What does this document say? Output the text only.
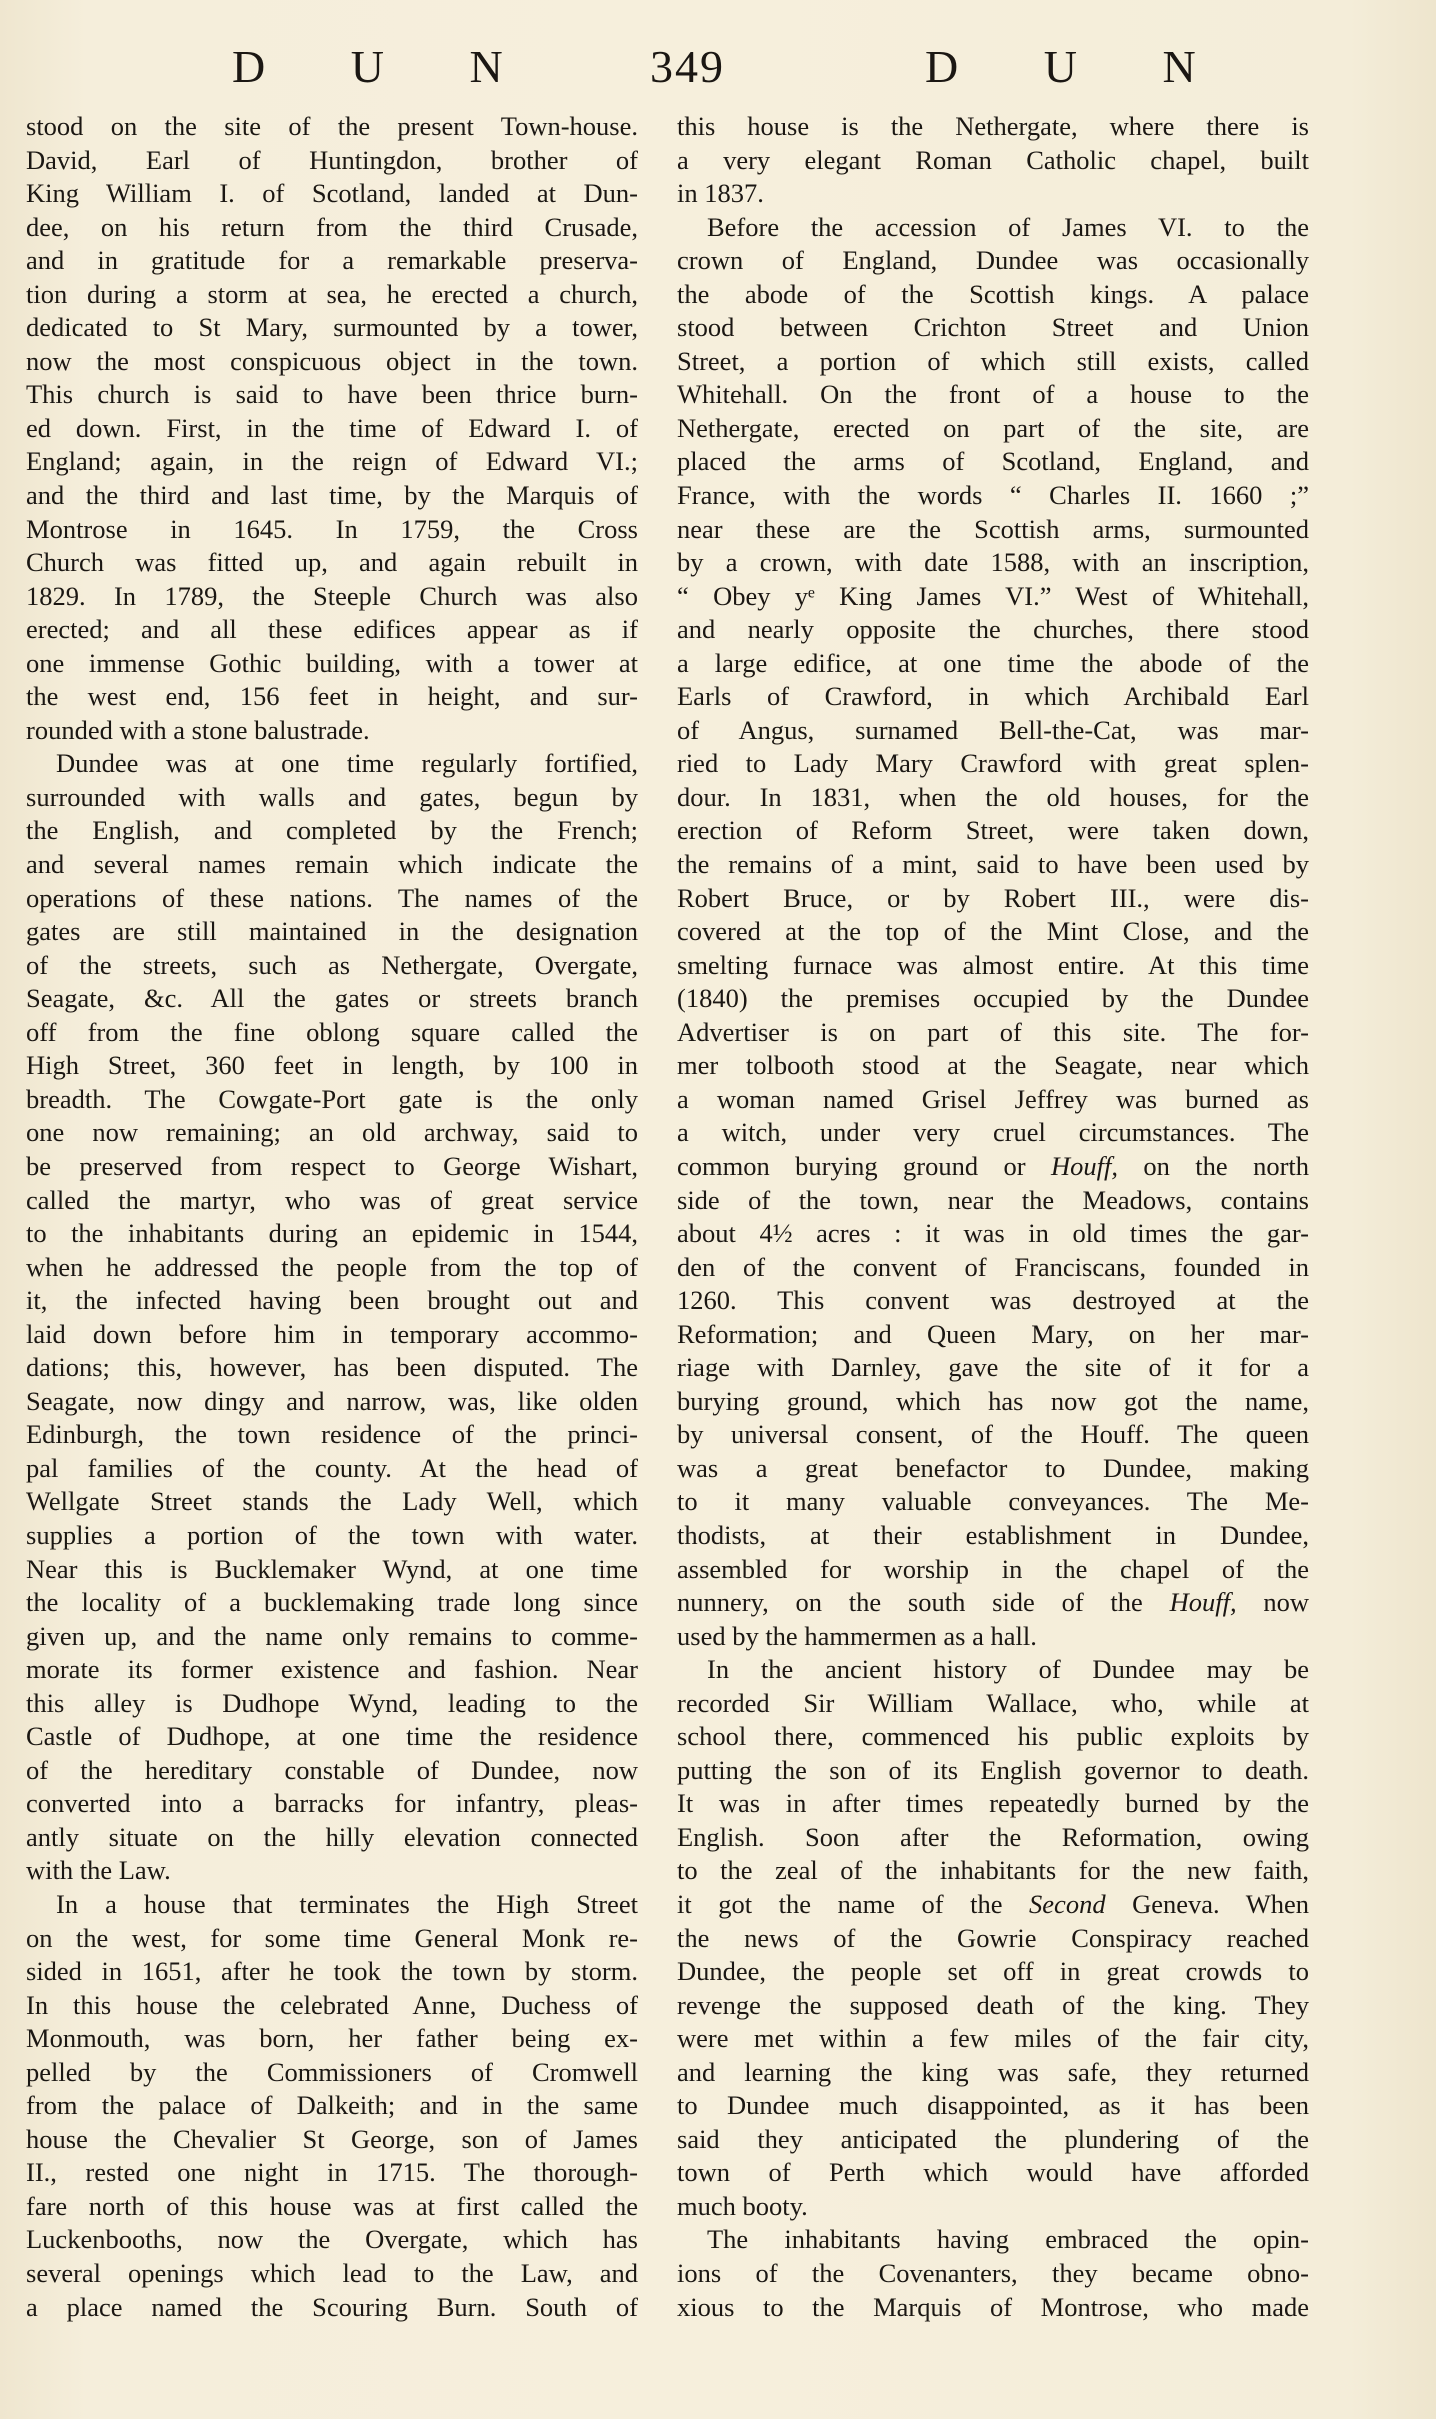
D U N	349	D U N
stood on the site of the present Town-house.
David, Earl of Huntingdon, brother of
King William I. of Scotland, landed at Dun-
dee, on his return from the third Crusade,
and in gratitude for a remarkable preserva-
tion during a storm at sea, he erected a church,
dedicated to St Mary, surmounted by a tower,
now the most conspicuous object in the town.
This church is said to have been thrice burn-
ed down. First, in the time of Edward I. of
England; again, in the reign of Edward VI.;
and the third and last time, by the Marquis of
Montrose in 1645. In 1759, the Cross
Church was fitted up, and again rebuilt in
1829. In 1789, the Steeple Church was also
erected; and all these edifices appear as if
one immense Gothic building, with a tower at
the west end, 156 feet in height, and sur-
rounded with a stone balustrade.
Dundee was at one time regularly fortified,
surrounded with walls and gates, begun by
the English, and completed by the French;
and several names remain which indicate the
operations of these nations. The names of the
gates are still maintained in the designation
of the streets, such as Nethergate, Overgate,
Seagate, &c. All the gates or streets branch
off from the fine oblong square called the
High Street, 360 feet in length, by 100 in
breadth. The Cowgate-Port gate is the only
one now remaining; an old archway, said to
be preserved from respect to George Wishart,
called the martyr, who was of great service
to the inhabitants during an epidemic in 1544,
when he addressed the people from the top of
it, the infected having been brought out and
laid down before him in temporary accommo-
dations; this, however, has been disputed. The
Seagate, now dingy and narrow, was, like olden
Edinburgh, the town residence of the princi-
pal families of the county. At the head of
Wellgate Street stands the Lady Well, which
supplies a portion of the town with water.
Near this is Bucklemaker Wynd, at one time
the locality of a bucklemaking trade long since
given up, and the name only remains to comme-
morate its former existence and fashion. Near
this alley is Dudhope Wynd, leading to the
Castle of Dudhope, at one time the residence
of the hereditary constable of Dundee, now
converted into a barracks for infantry, pleas-
antly situate on the hilly elevation connected
with the Law.
In a house that terminates the High Street
on the west, for some time General Monk re-
sided in 1651, after he took the town by storm.
In this house the celebrated Anne, Duchess of
Monmouth, was born, her father being ex-
pelled by the Commissioners of Cromwell
from the palace of Dalkeith; and in the same
house the Chevalier St George, son of James
II., rested one night in 1715. The thorough-
fare north of this house was at first called the
Luckenbooths, now the Overgate, which has
several openings which lead to the Law, and
a place named the Scouring Burn. South of
this house is the Nethergate, where there is
a very elegant Roman Catholic chapel, built
in 1837.
Before the accession of James VI. to the
crown of England, Dundee was occasionally
the abode of the Scottish kings. A palace
stood between Crichton Street and Union
Street, a portion of which still exists, called
Whitehall. On the front of a house to the
Nethergate, erected on part of the site, are
placed the arms of Scotland, England, and
France, with the words “ Charles II. 1660 ;”
near these are the Scottish arms, surmounted
by a crown, with date 1588, with an inscription,
“ Obey yᵉ King James VI.” West of Whitehall,
and nearly opposite the churches, there stood
a large edifice, at one time the abode of the
Earls of Crawford, in which Archibald Earl
of Angus, surnamed Bell-the-Cat, was mar-
ried to Lady Mary Crawford with great splen-
dour. In 1831, when the old houses, for the
erection of Reform Street, were taken down,
the remains of a mint, said to have been used by
Robert Bruce, or by Robert III., were dis-
covered at the top of the Mint Close, and the
smelting furnace was almost entire. At this time
(1840) the premises occupied by the Dundee
Advertiser is on part of this site. The for-
mer tolbooth stood at the Seagate, near which
a woman named Grisel Jeffrey was burned as
a witch, under very cruel circumstances. The
common burying ground or Houff, on the north
side of the town, near the Meadows, contains
about 4½ acres : it was in old times the gar-
den of the convent of Franciscans, founded in
1260. This convent was destroyed at the
Reformation; and Queen Mary, on her mar-
riage with Darnley, gave the site of it for a
burying ground, which has now got the name,
by universal consent, of the Houff. The queen
was a great benefactor to Dundee, making
to it many valuable conveyances. The Me-
thodists, at their establishment in Dundee,
assembled for worship in the chapel of the
nunnery, on the south side of the Houff, now
used by the hammermen as a hall.
In the ancient history of Dundee may be
recorded Sir William Wallace, who, while at
school there, commenced his public exploits by
putting the son of its English governor to death.
It was in after times repeatedly burned by the
English. Soon after the Reformation, owing
to the zeal of the inhabitants for the new faith,
it got the name of the Second Geneva. When
the news of the Gowrie Conspiracy reached
Dundee, the people set off in great crowds to
revenge the supposed death of the king. They
were met within a few miles of the fair city,
and learning the king was safe, they returned
to Dundee much disappointed, as it has been
said they anticipated the plundering of the
town of Perth which would have afforded
much booty.
The inhabitants having embraced the opin-
ions of the Covenanters, they became obno-
xious to the Marquis of Montrose, who made
